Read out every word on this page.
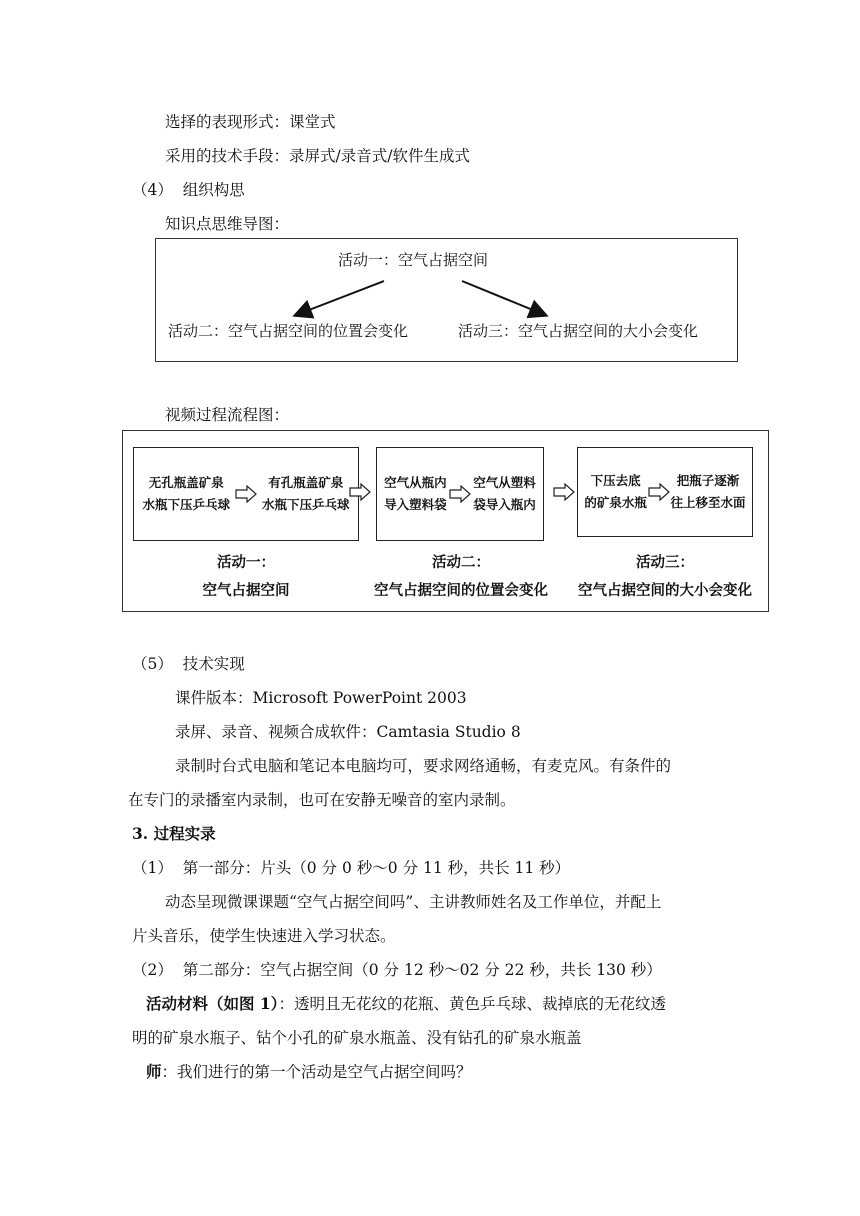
选择的表现形式：课堂式
采用的技术手段：录屏式/录音式/软件生成式
（4） 组织构思
知识点思维导图：
活动一：空气占据空间
活动二：空气占据空间的位置会变化	活动三：空气占据空间的大小会变化
视频过程流程图：
无孔瓶盖矿泉
水瓶下压乒乓球
有孔瓶盖矿泉
水瓶下压乒乓球
空气从瓶内
导入塑料袋
空气从塑料
袋导入瓶内
下压去底
的矿泉水瓶
把瓶子逐渐
往上移至水面
活动一：
空气占据空间
活动二：
空气占据空间的位置会变化
活动三：
空气占据空间的大小会变化
（5） 技术实现
课件版本：Microsoft PowerPoint 2003
录屏、录音、视频合成软件：Camtasia Studio 8
录制时台式电脑和笔记本电脑均可，要求网络通畅，有麦克风。有条件的
在专门的录播室内录制，也可在安静无噪音的室内录制。
3. 过程实录
（1） 第一部分：片头（0 分 0 秒～0 分 11 秒，共长 11 秒）
动态呈现微课课题“空气占据空间吗”、主讲教师姓名及工作单位，并配上
片头音乐，使学生快速进入学习状态。
（2） 第二部分：空气占据空间（0 分 12 秒～02 分 22 秒，共长 130 秒）
活动材料（如图 1）：透明且无花纹的花瓶、黄色乒乓球、裁掉底的无花纹透
明的矿泉水瓶子、钻个小孔的矿泉水瓶盖、没有钻孔的矿泉水瓶盖
师：我们进行的第一个活动是空气占据空间吗？
